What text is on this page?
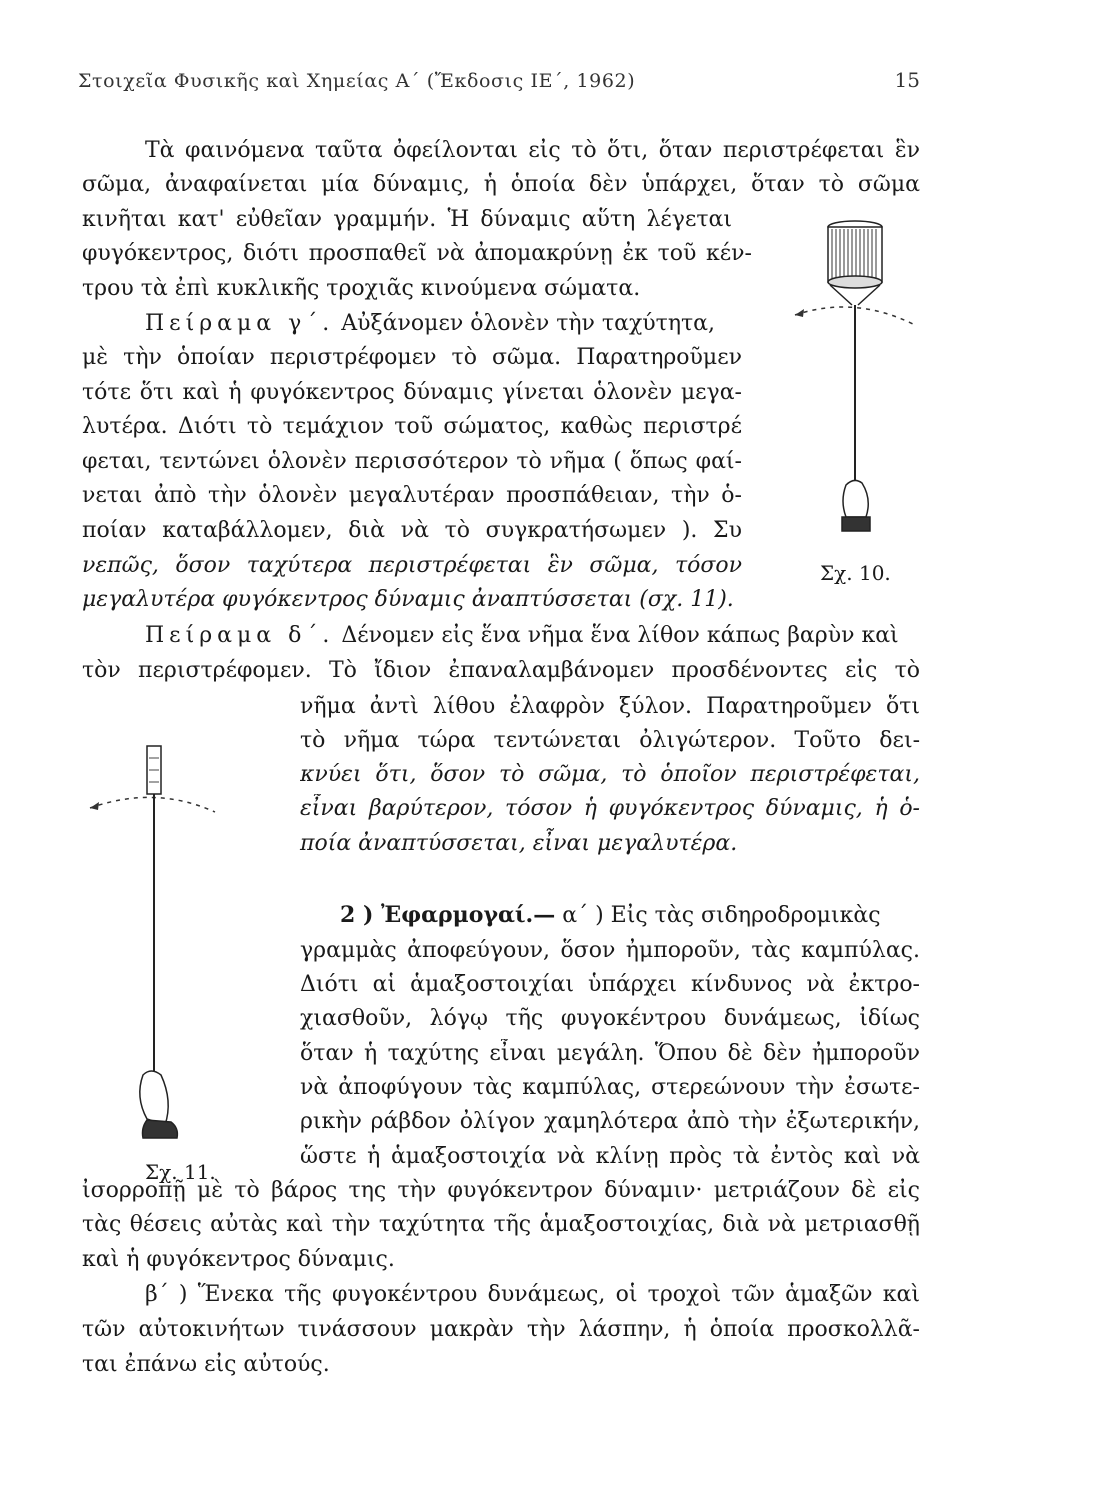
Στοιχεῖα Φυσικῆς καὶ Χημείας Α΄ (Ἔκδοσις ΙΕ΄, 1962)	15
Τὰ φαινόμενα ταῦτα ὀφείλονται εἰς τὸ ὅτι, ὅταν περιστρέφεται ἓν
σῶμα, ἀναφαίνεται μία δύναμις, ἡ ὁποία δὲν ὑπάρχει, ὅταν τὸ σῶμα
κινῆται κατ' εὐθεῖαν γραμμήν. Ἡ δύναμις αὕτη λέγεται
φυγόκεντρος, διότι προσπαθεῖ νὰ ἀπομακρύνῃ ἐκ τοῦ κέν-
τρου τὰ ἐπὶ κυκλικῆς τροχιᾶς κινούμενα σώματα.
Πείραμα γ΄. Αὐξάνομεν ὁλονὲν τὴν ταχύτητα,
μὲ τὴν ὁποίαν περιστρέφομεν τὸ σῶμα. Παρατηροῦμεν
τότε ὅτι καὶ ἡ φυγόκεντρος δύναμις γίνεται ὁλονὲν μεγα-
λυτέρα. Διότι τὸ τεμάχιον τοῦ σώματος, καθὼς περιστρέ
φεται, τεντώνει ὁλονὲν περισσότερον τὸ νῆμα ( ὅπως φαί-
νεται ἀπὸ τὴν ὁλονὲν μεγαλυτέραν προσπάθειαν, τὴν ὁ-
ποίαν καταβάλλομεν, διὰ νὰ τὸ συγκρατήσωμεν ). Συ
νεπῶς, ὅσον ταχύτερα περιστρέφεται ἓν σῶμα, τόσον
μεγαλυτέρα φυγόκεντρος δύναμις ἀναπτύσσεται (σχ. 11).
Πείραμα δ΄. Δένομεν εἰς ἕνα νῆμα ἕνα λίθον κάπως βαρὺν καὶ
τὸν περιστρέφομεν. Τὸ ἴδιον ἐπαναλαμβάνομεν προσδένοντες εἰς τὸ
νῆμα ἀντὶ λίθου ἐλαφρὸν ξύλον. Παρατηροῦμεν ὅτι
τὸ νῆμα τώρα τεντώνεται ὀλιγώτερον. Τοῦτο δει-
κνύει ὅτι, ὅσον τὸ σῶμα, τὸ ὁποῖον περιστρέφεται,
εἶναι βαρύτερον, τόσον ἡ φυγόκεντρος δύναμις, ἡ ὁ-
ποία ἀναπτύσσεται, εἶναι μεγαλυτέρα.
2 ) Ἐφαρμογαί.— α΄ ) Εἰς τὰς σιδηροδρομικὰς
γραμμὰς ἀποφεύγουν, ὅσον ἠμποροῦν, τὰς καμπύλας.
Διότι αἱ ἁμαξοστοιχίαι ὑπάρχει κίνδυνος νὰ ἐκτρο-
χιασθοῦν, λόγῳ τῆς φυγοκέντρου δυνάμεως, ἰδίως
ὅταν ἡ ταχύτης εἶναι μεγάλη. Ὅπου δὲ δὲν ἠμποροῦν
νὰ ἀποφύγουν τὰς καμπύλας, στερεώνουν τὴν ἐσωτε-
ρικὴν ράβδον ὀλίγον χαμηλότερα ἀπὸ τὴν ἐξωτερικήν,
ὥστε ἡ ἁμαξοστοιχία νὰ κλίνῃ πρὸς τὰ ἐντὸς καὶ νὰ
ἰσορροπῇ μὲ τὸ βάρος της τὴν φυγόκεντρον δύναμιν· μετριάζουν δὲ εἰς
τὰς θέσεις αὐτὰς καὶ τὴν ταχύτητα τῆς ἁμαξοστοιχίας, διὰ νὰ μετριασθῇ
καὶ ἡ φυγόκεντρος δύναμις.
β΄ ) Ἕνεκα τῆς φυγοκέντρου δυνάμεως, οἱ τροχοὶ τῶν ἁμαξῶν καὶ
τῶν αὐτοκινήτων τινάσσουν μακρὰν τὴν λάσπην, ἡ ὁποία προσκολλᾶ-
ται ἐπάνω εἰς αὐτούς.
Σχ. 10.
Σχ. 11.
